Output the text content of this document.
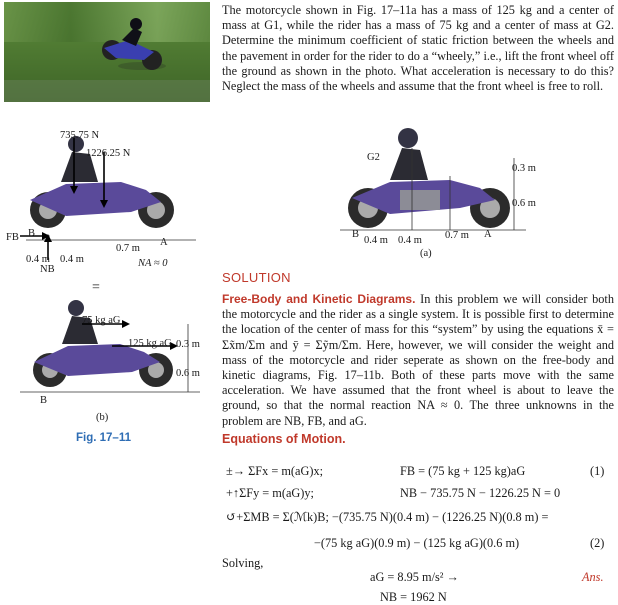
The motorcycle shown in Fig. 17–11a has a mass of 125 kg and a center of mass at G1, while the rider has a mass of 75 kg and a center of mass at G2. Determine the minimum coefficient of static friction between the wheels and the pavement in order for the rider to do a “wheely,” i.e., lift the front wheel off the ground as shown in the photo. What acceleration is necessary to do this? Neglect the mass of the wheels and assume that the front wheel is free to roll.

G2
0.3 m
0.6 m
B
0.4 m 0.4 m 0.7 m A
(a)
735.75 N
1226.25 N
FB B
0.4 m 0.4 m
0.7 m
A
NB
NA ≈ 0
=
75 kg aG
125 kg aG 0.3 m
0.6 m
B
(b)
Fig. 17–11
SOLUTION

Free-Body and Kinetic Diagrams. In this problem we will consider both the motorcycle and the rider as a single system. It is possible first to determine the location of the center of mass for this “system” by using the equations x̄ = Σx̃m/Σm and ȳ = Σỹm/Σm. Here, however, we will consider the weight and mass of the motorcycle and rider seperate as shown on the free-body and kinetic diagrams, Fig. 17–11b. Both of these parts move with the same acceleration. We have assumed that the front wheel is about to leave the ground, so that the normal reaction NA ≈ 0. The three unknowns in the problem are NB, FB, and aG.

Equations of Motion.
±→ ΣFx = m(aG)x;	FB = (75 kg + 125 kg)aG	(1)
+↑ΣFy = m(aG)y;	NB − 735.75 N − 1226.25 N = 0
↺+ΣMB = Σ(ℳk)B; −(735.75 N)(0.4 m) − (1226.25 N)(0.8 m) =
−(75 kg aG)(0.9 m) − (125 kg aG)(0.6 m)	(2)
Solving,
aG = 8.95 m/s² →	Ans.
NB = 1962 N
